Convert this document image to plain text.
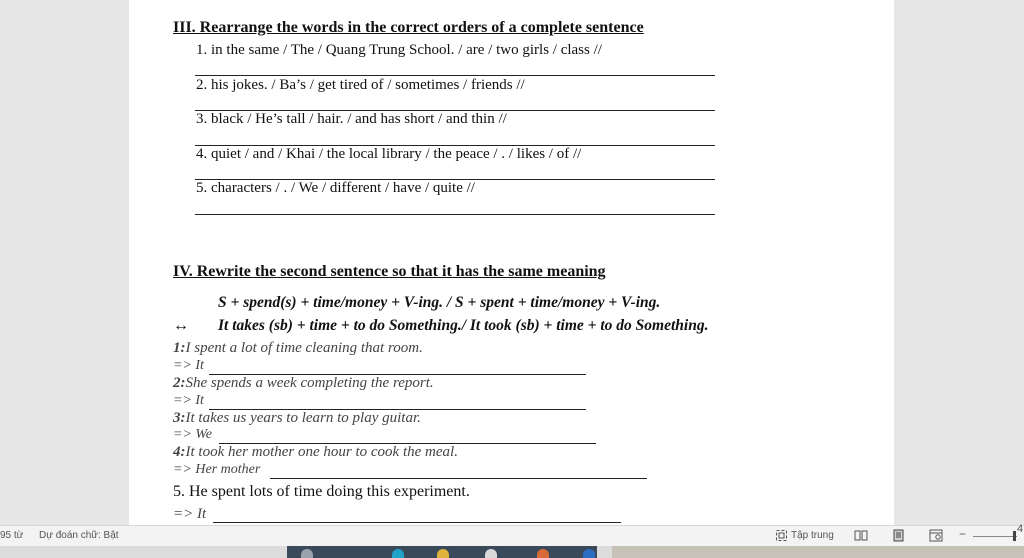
III. Rearrange the words in the correct orders of a complete sentence
1. in the same / The / Quang Trung School. / are / two girls / class //
2. his jokes. / Ba’s / get tired of / sometimes / friends //
3. black / He’s tall / hair. / and has short / and thin //
4. quiet / and / Khai / the local library / the peace / . / likes / of //
5. characters / . / We / different / have / quite //
IV. Rewrite the second sentence so that it has the same meaning
S + spend(s) + time/money + V-ing. / S + spent + time/money + V-ing.
↔ It takes (sb) + time + to do Something./ It took (sb) + time + to do Something.
1:I spent a lot of time cleaning that room.
=> It
2:She spends a week completing the report.
=> It
3:It takes us years to learn to play guitar.
=> We
4:It took her mother one hour to cook the meal.
=> Her mother
5. He spent lots of time doing this experiment.
=> It
95 từ Dự đoán chữ: Bật	Tập trung	−	4
